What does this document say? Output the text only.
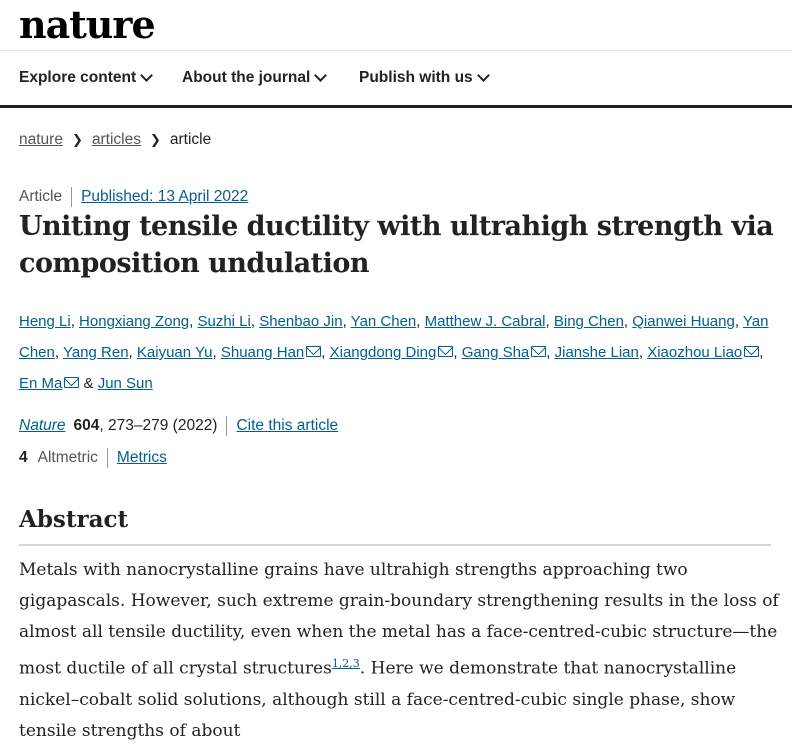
nature
Explore content	About the journal	Publish with us
nature ❯ articles ❯ article
Article Published: 13 April 2022
Uniting tensile ductility with ultrahigh strength via composition undulation
Heng Li, Hongxiang Zong, Suzhi Li, Shenbao Jin, Yan Chen, Matthew J. Cabral, Bing Chen, Qianwei Huang, Yan Chen, Yang Ren, Kaiyuan Yu, Shuang Han , Xiangdong Ding , Gang Sha , Jianshe Lian, Xiaozhou Liao , En Ma & Jun Sun
Nature 604 , 273–279 (2022) Cite this article
4 Altmetric Metrics
Abstract

Metals with nanocrystalline grains have ultrahigh strengths approaching two gigapascals. However, such extreme grain-boundary strengthening results in the loss of almost all tensile ductility, even when the metal has a face-centred-cubic structure—the most ductile of all crystal structures$^{1,2,3}$. Here we demonstrate that nanocrystalline nickel–cobalt solid solutions, although still a face-centred-cubic single phase, show tensile strengths of about
